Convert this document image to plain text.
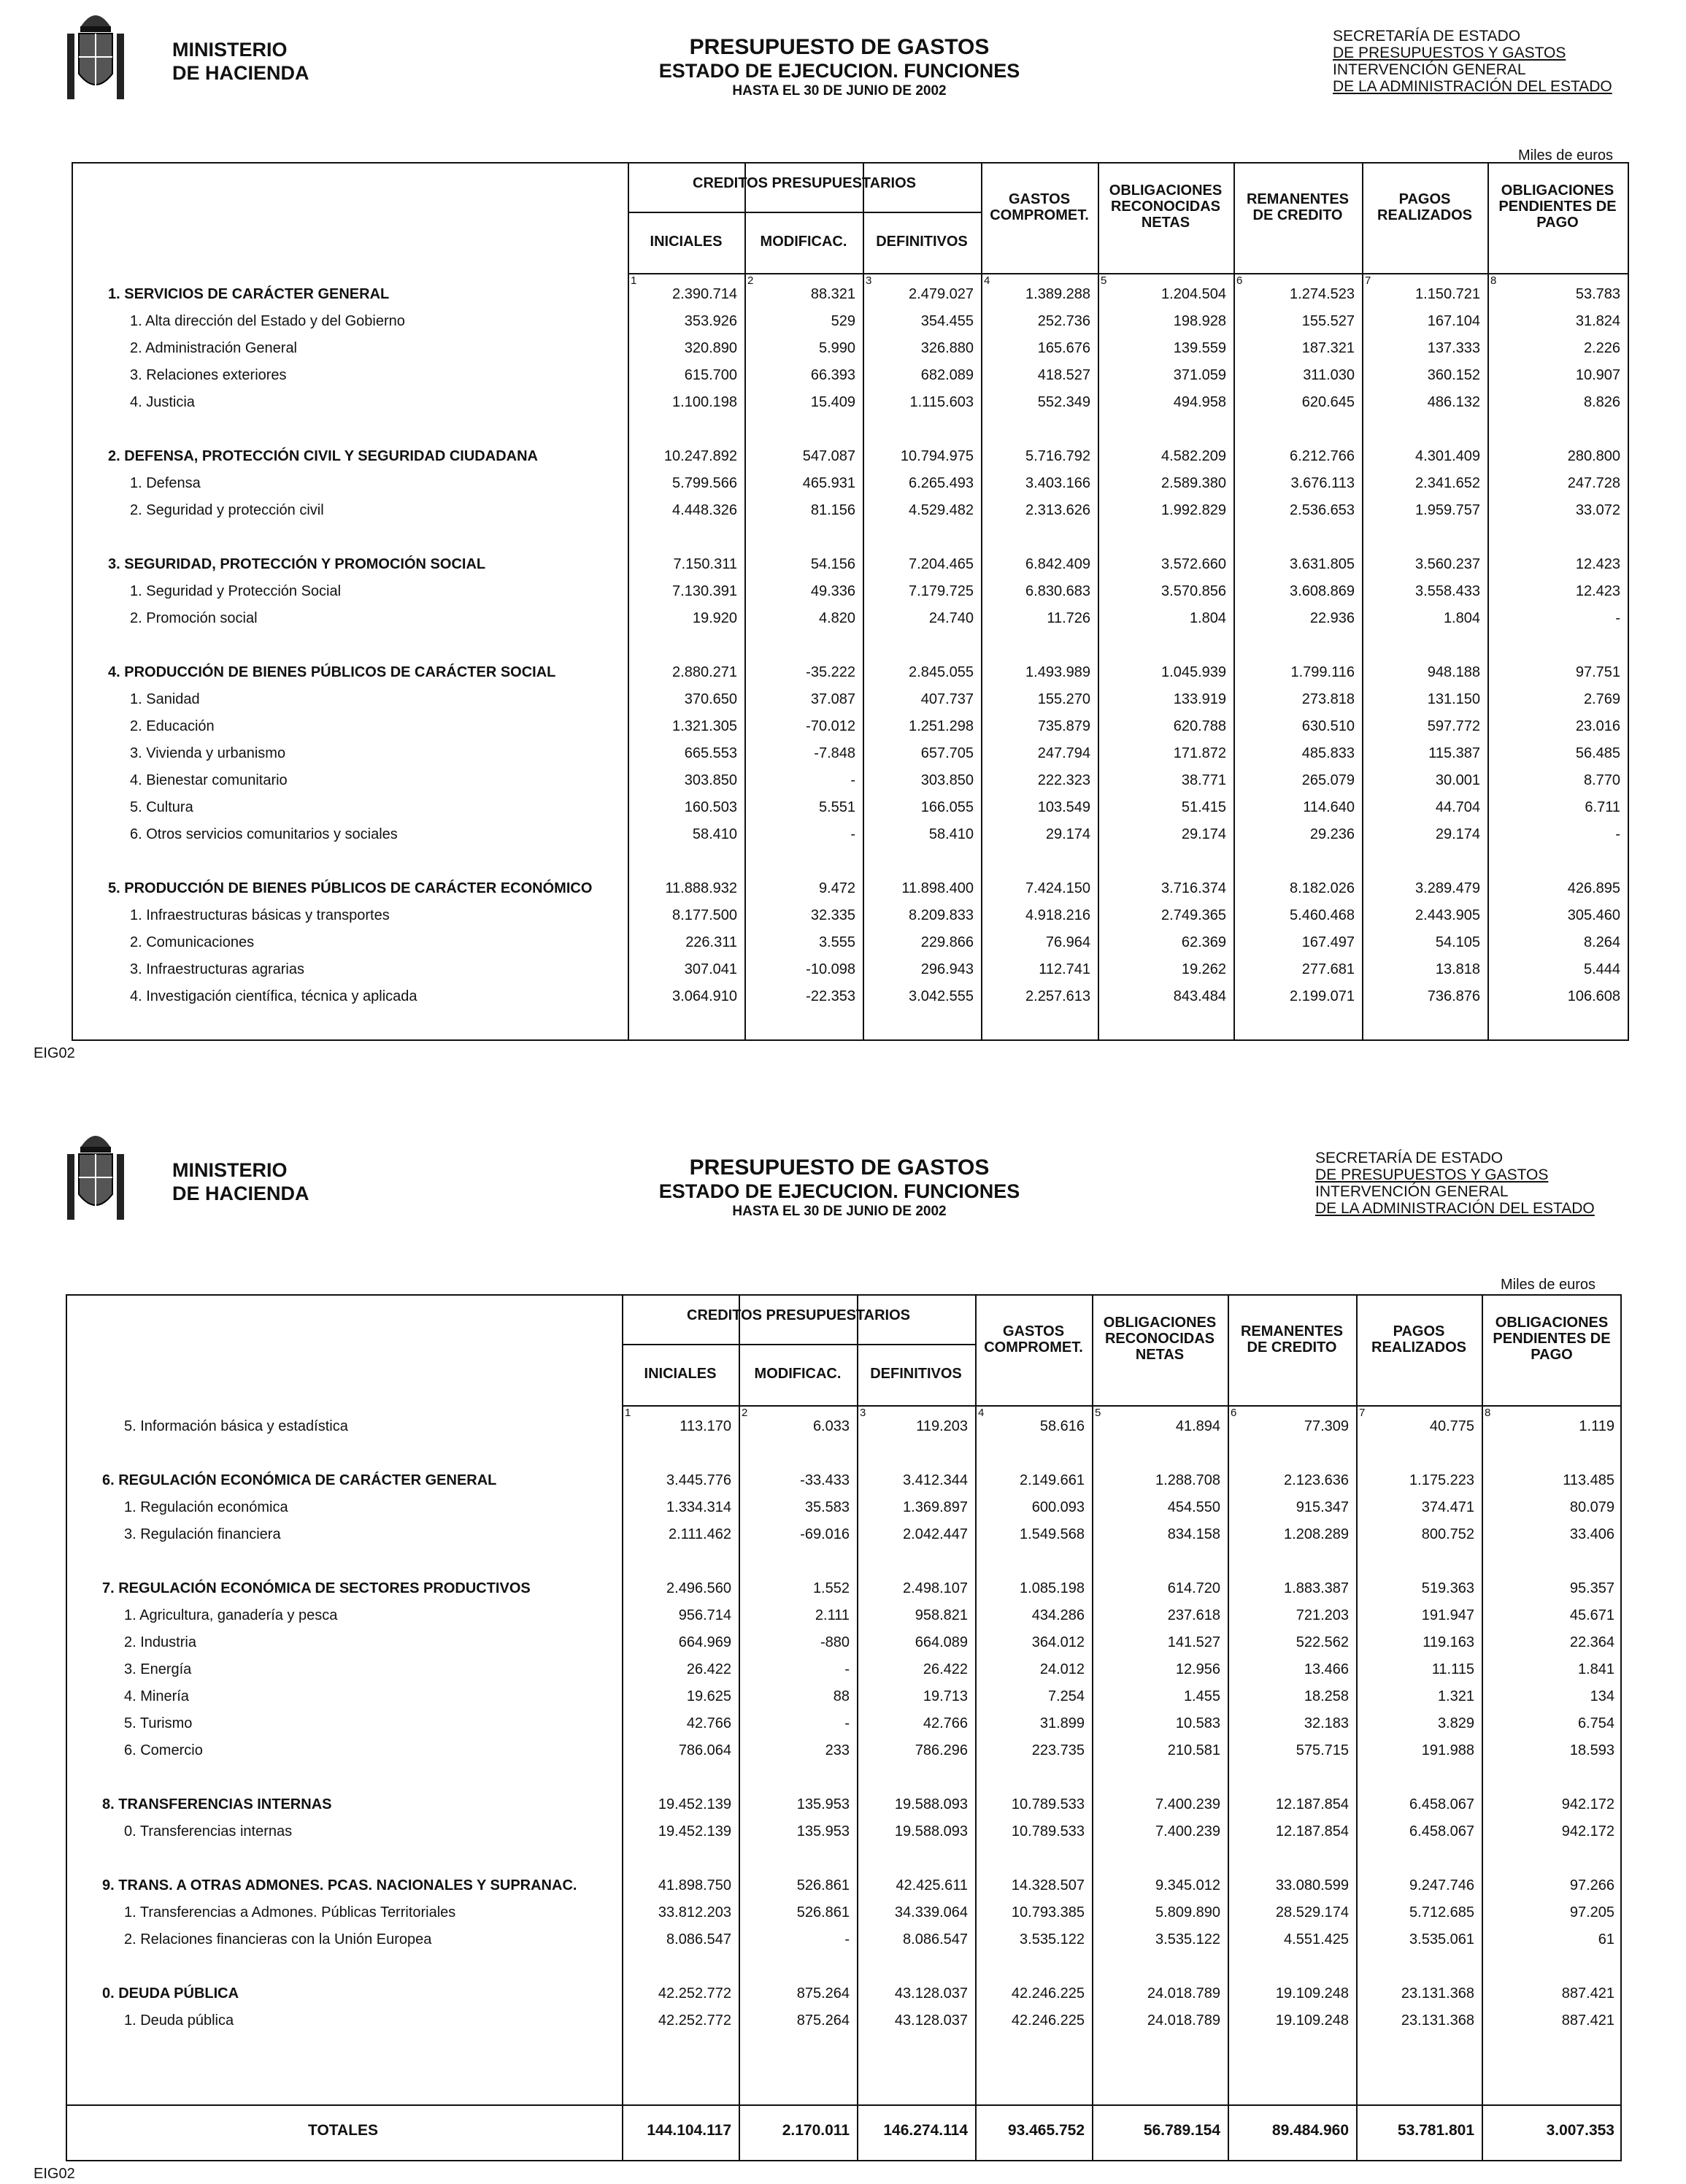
MINISTERIO
DE HACIENDA
PRESUPUESTO DE GASTOS
ESTADO DE EJECUCION. FUNCIONES
HASTA EL 30 DE JUNIO DE 2002
SECRETARÍA DE ESTADO
DE PRESUPUESTOS Y GASTOS
INTERVENCIÓN GENERAL
DE LA ADMINISTRACIÓN DEL ESTADO
Miles de euros
CREDITOS PRESUPUESTARIOS
INICIALES	MODIFICAC.	DEFINITIVOS
GASTOS
COMPROMET.
OBLIGACIONES
RECONOCIDAS
NETAS
REMANENTES
DE CREDITO
PAGOS
REALIZADOS
OBLIGACIONES
PENDIENTES DE
PAGO
1	2	3	4	5	6	7	8
1. SERVICIOS DE CARÁCTER GENERAL	2.390.714	88.321	2.479.027	1.389.288	1.204.504	1.274.523	1.150.721	53.783
1. Alta dirección del Estado y del Gobierno	353.926	529	354.455	252.736	198.928	155.527	167.104	31.824
2. Administración General	320.890	5.990	326.880	165.676	139.559	187.321	137.333	2.226
3. Relaciones exteriores	615.700	66.393	682.089	418.527	371.059	311.030	360.152	10.907
4. Justicia	1.100.198	15.409	1.115.603	552.349	494.958	620.645	486.132	8.826
2. DEFENSA, PROTECCIÓN CIVIL Y SEGURIDAD CIUDADANA	10.247.892	547.087	10.794.975	5.716.792	4.582.209	6.212.766	4.301.409	280.800
1. Defensa	5.799.566	465.931	6.265.493	3.403.166	2.589.380	3.676.113	2.341.652	247.728
2. Seguridad y protección civil	4.448.326	81.156	4.529.482	2.313.626	1.992.829	2.536.653	1.959.757	33.072
3. SEGURIDAD, PROTECCIÓN Y PROMOCIÓN SOCIAL	7.150.311	54.156	7.204.465	6.842.409	3.572.660	3.631.805	3.560.237	12.423
1. Seguridad y Protección Social	7.130.391	49.336	7.179.725	6.830.683	3.570.856	3.608.869	3.558.433	12.423
2. Promoción social	19.920	4.820	24.740	11.726	1.804	22.936	1.804	-
4. PRODUCCIÓN DE BIENES PÚBLICOS DE CARÁCTER SOCIAL	2.880.271	-35.222	2.845.055	1.493.989	1.045.939	1.799.116	948.188	97.751
1. Sanidad	370.650	37.087	407.737	155.270	133.919	273.818	131.150	2.769
2. Educación	1.321.305	-70.012	1.251.298	735.879	620.788	630.510	597.772	23.016
3. Vivienda y urbanismo	665.553	-7.848	657.705	247.794	171.872	485.833	115.387	56.485
4. Bienestar comunitario	303.850	-	303.850	222.323	38.771	265.079	30.001	8.770
5. Cultura	160.503	5.551	166.055	103.549	51.415	114.640	44.704	6.711
6. Otros servicios comunitarios y sociales	58.410	-	58.410	29.174	29.174	29.236	29.174	-
5. PRODUCCIÓN DE BIENES PÚBLICOS DE CARÁCTER ECONÓMICO	11.888.932	9.472	11.898.400	7.424.150	3.716.374	8.182.026	3.289.479	426.895
1. Infraestructuras básicas y transportes	8.177.500	32.335	8.209.833	4.918.216	2.749.365	5.460.468	2.443.905	305.460
2. Comunicaciones	226.311	3.555	229.866	76.964	62.369	167.497	54.105	8.264
3. Infraestructuras agrarias	307.041	-10.098	296.943	112.741	19.262	277.681	13.818	5.444
4. Investigación científica, técnica y aplicada	3.064.910	-22.353	3.042.555	2.257.613	843.484	2.199.071	736.876	106.608
EIG02
MINISTERIO
DE HACIENDA
PRESUPUESTO DE GASTOS
ESTADO DE EJECUCION. FUNCIONES
HASTA EL 30 DE JUNIO DE 2002
SECRETARÍA DE ESTADO
DE PRESUPUESTOS Y GASTOS
INTERVENCIÓN GENERAL
DE LA ADMINISTRACIÓN DEL ESTADO
Miles de euros
CREDITOS PRESUPUESTARIOS
INICIALES	MODIFICAC.	DEFINITIVOS
GASTOS
COMPROMET.
OBLIGACIONES
RECONOCIDAS
NETAS
REMANENTES
DE CREDITO
PAGOS
REALIZADOS
OBLIGACIONES
PENDIENTES DE
PAGO
1	2	3	4	5	6	7	8
5. Información básica y estadística	113.170	6.033	119.203	58.616	41.894	77.309	40.775	1.119
6. REGULACIÓN ECONÓMICA DE CARÁCTER GENERAL	3.445.776	-33.433	3.412.344	2.149.661	1.288.708	2.123.636	1.175.223	113.485
1. Regulación económica	1.334.314	35.583	1.369.897	600.093	454.550	915.347	374.471	80.079
3. Regulación financiera	2.111.462	-69.016	2.042.447	1.549.568	834.158	1.208.289	800.752	33.406
7. REGULACIÓN ECONÓMICA DE SECTORES PRODUCTIVOS	2.496.560	1.552	2.498.107	1.085.198	614.720	1.883.387	519.363	95.357
1. Agricultura, ganadería y pesca	956.714	2.111	958.821	434.286	237.618	721.203	191.947	45.671
2. Industria	664.969	-880	664.089	364.012	141.527	522.562	119.163	22.364
3. Energía	26.422	-	26.422	24.012	12.956	13.466	11.115	1.841
4. Minería	19.625	88	19.713	7.254	1.455	18.258	1.321	134
5. Turismo	42.766	-	42.766	31.899	10.583	32.183	3.829	6.754
6. Comercio	786.064	233	786.296	223.735	210.581	575.715	191.988	18.593
8. TRANSFERENCIAS INTERNAS	19.452.139	135.953	19.588.093	10.789.533	7.400.239	12.187.854	6.458.067	942.172
0. Transferencias internas	19.452.139	135.953	19.588.093	10.789.533	7.400.239	12.187.854	6.458.067	942.172
9. TRANS. A OTRAS ADMONES. PCAS. NACIONALES Y SUPRANAC.	41.898.750	526.861	42.425.611	14.328.507	9.345.012	33.080.599	9.247.746	97.266
1. Transferencias a Admones. Públicas Territoriales	33.812.203	526.861	34.339.064	10.793.385	5.809.890	28.529.174	5.712.685	97.205
2. Relaciones financieras con la Unión Europea	8.086.547	-	8.086.547	3.535.122	3.535.122	4.551.425	3.535.061	61
0. DEUDA PÚBLICA	42.252.772	875.264	43.128.037	42.246.225	24.018.789	19.109.248	23.131.368	887.421
1. Deuda pública	42.252.772	875.264	43.128.037	42.246.225	24.018.789	19.109.248	23.131.368	887.421
TOTALES	144.104.117	2.170.011	146.274.114	93.465.752	56.789.154	89.484.960	53.781.801	3.007.353
EIG02
